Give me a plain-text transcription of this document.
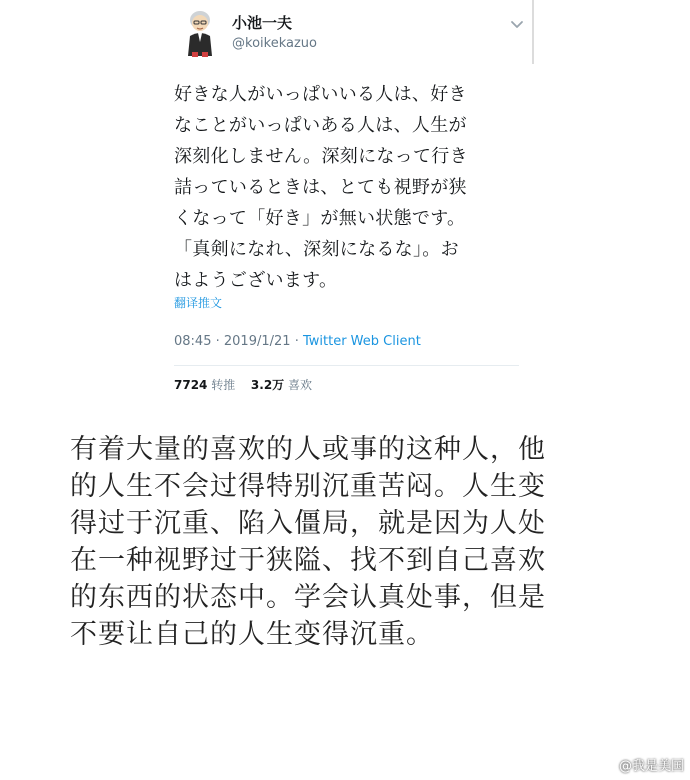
小池一夫
@koikekazuo
好きな人がいっぱいいる人は、好き
なことがいっぱいある人は、人生が
深刻化しません。深刻になって行き
詰っているときは、とても視野が狭
くなって「好き」が無い状態です。
「真剣になれ、深刻になるな」。お
はようございます。
翻译推文
08:45 · 2019/1/21 · Twitter Web Client
7724 转推 3.2万 喜欢
有着大量的喜欢的人或事的这种人，他
的人生不会过得特别沉重苦闷。人生变
得过于沉重、陷入僵局，就是因为人处
在一种视野过于狭隘、找不到自己喜欢
的东西的状态中。学会认真处事，但是
不要让自己的人生变得沉重。
@我是美国
